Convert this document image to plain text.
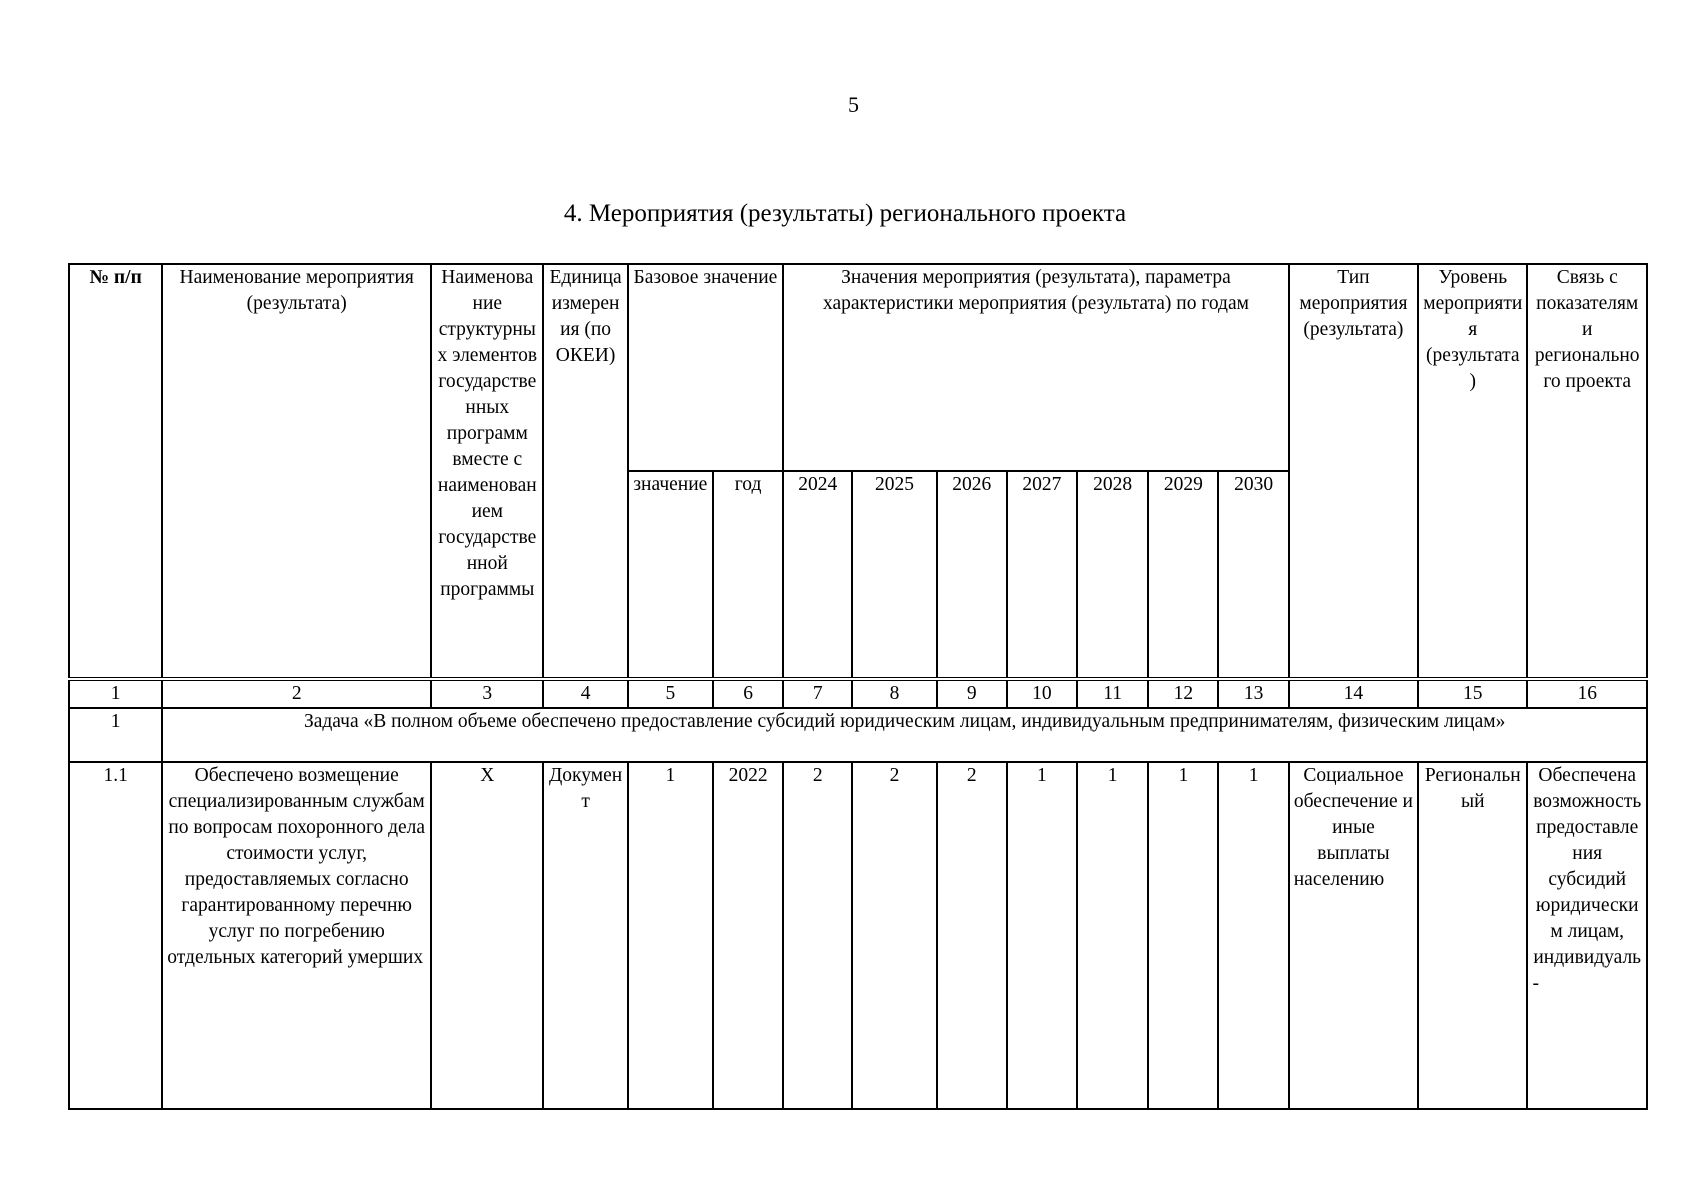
5
4. Мероприятия (результаты) регионального проекта
№ п/п	Наименование мероприятия (результата)	Наименование структурных элементов государственных программ вместе с наименованием государственной программы	Единица измерения (по ОКЕИ)	Базовое значение		Значения мероприятия (результата), параметра характеристики мероприятия (результата) по годам							Тип мероприятия (результата)	Уровень мероприятия (результата)	Связь с показателями регионального проекта
				значение	год	2024	2025	2026	2027	2028	2029	2030			
1	2	3	4	5	6	7	8	9	10	11	12	13	14	15	16
1	Задача «В полном объеме обеспечено предоставление субсидий юридическим лицам, индивидуальным предпринимателям, физическим лицам»														
1.1	Обеспечено возмещение специализированным службам по вопросам похоронного дела стоимости услуг, предоставляемых согласно гарантированному перечню услуг по погребению отдельных категорий умерших	Х	Документ	1	2022	2	2	2	1	1	1	1	Социальное обеспечение и иные выплаты населению	Региональный	Обеспечена возможность предоставления субсидий юридическим лицам, индивидуаль-
